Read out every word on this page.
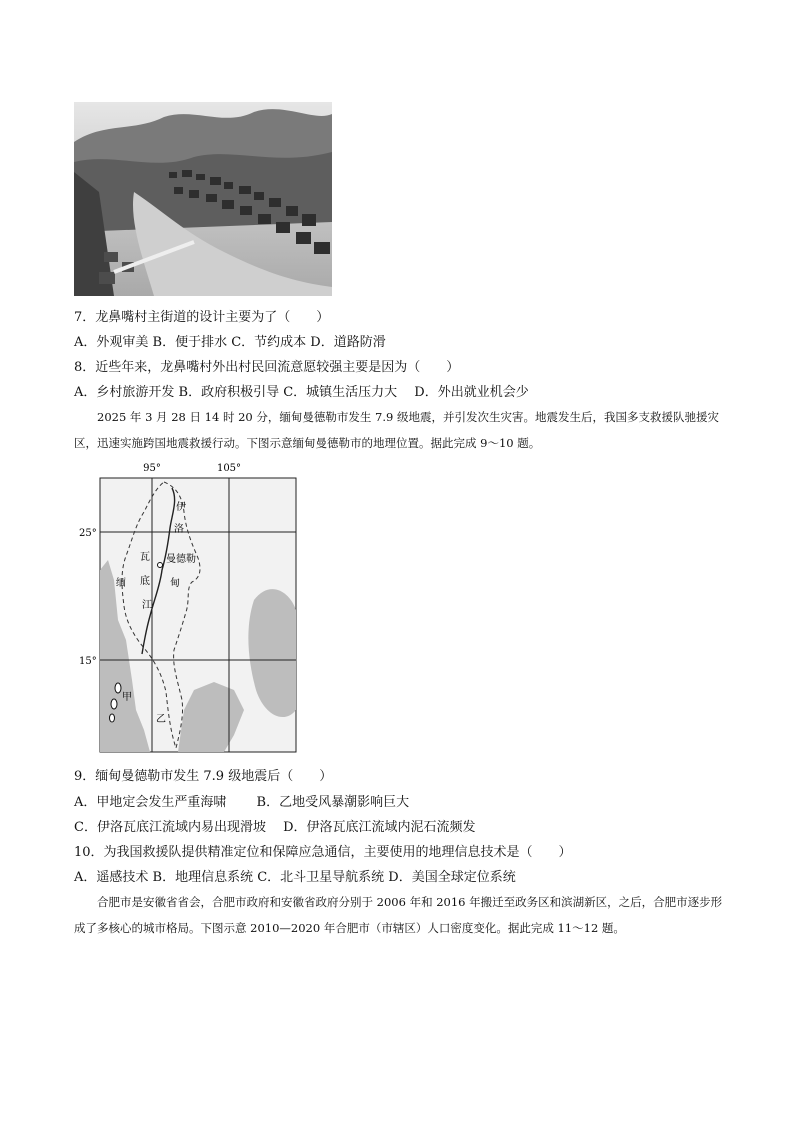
7．龙鼻嘴村主街道的设计主要为了（　　）
A．外观审美 B．便于排水 C．节约成本 D．道路防滑
8．近些年来，龙鼻嘴村外出村民回流意愿较强主要是因为（　　）
A．乡村旅游开发 B．政府积极引导 C．城镇生活压力大　 D．外出就业机会少
2025 年 3 月 28 日 14 时 20 分，缅甸曼德勒市发生 7.9 级地震，并引发次生灾害。地震发生后，我国多支救援队驰援灾区，迅速实施跨国地震救援行动。下图示意缅甸曼德勒市的地理位置。据此完成 9～10 题。
95°	105°
25°
15°
伊
洛
瓦
底
江
曼德勒
缅	甸
甲
乙
9．缅甸曼德勒市发生 7.9 级地震后（　　）
A．甲地定会发生严重海啸　　 B．乙地受风暴潮影响巨大
C．伊洛瓦底江流域内易出现滑坡　 D．伊洛瓦底江流域内泥石流频发
10．为我国救援队提供精准定位和保障应急通信，主要使用的地理信息技术是（　　）
A．遥感技术 B．地理信息系统 C．北斗卫星导航系统 D．美国全球定位系统
合肥市是安徽省省会，合肥市政府和安徽省政府分别于 2006 年和 2016 年搬迁至政务区和滨湖新区，之后，合肥市逐步形成了多核心的城市格局。下图示意 2010—2020 年合肥市（市辖区）人口密度变化。据此完成 11～12 题。
